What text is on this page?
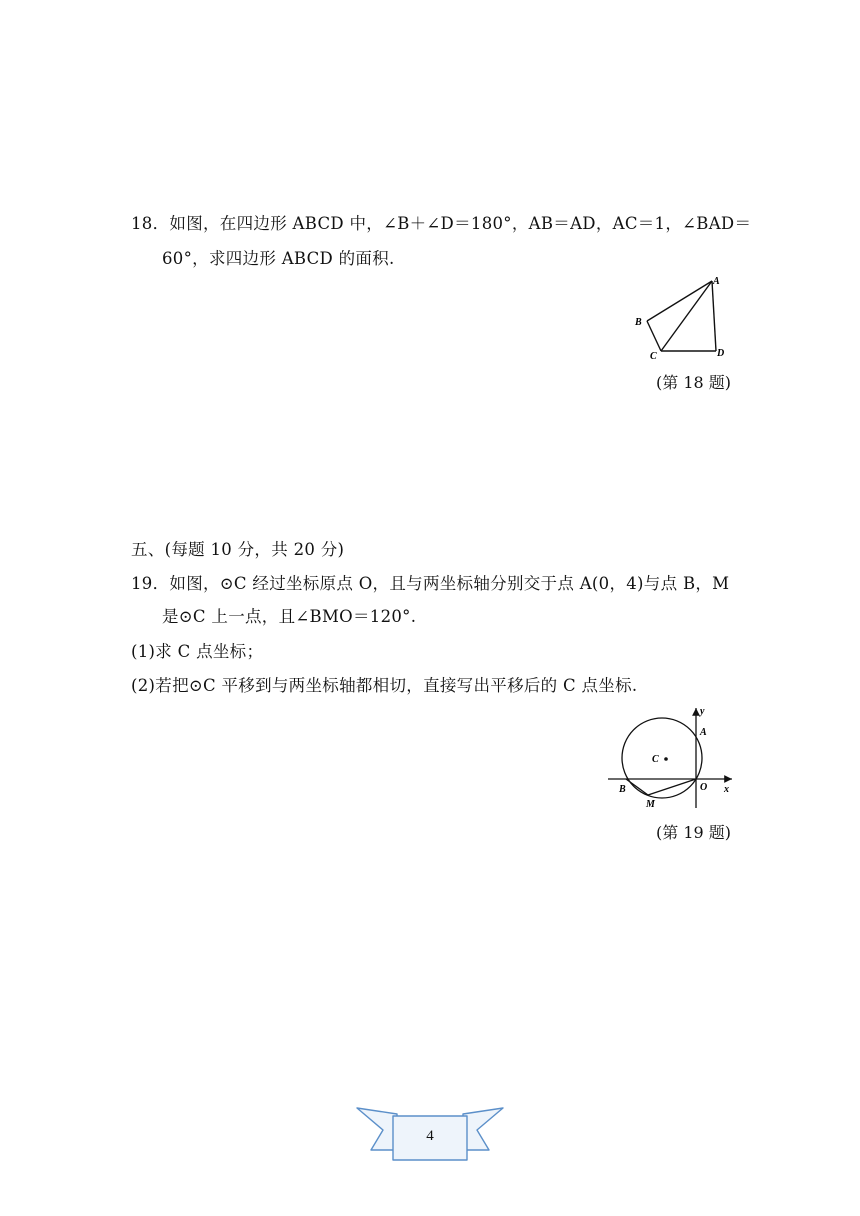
18．如图，在四边形 ABCD 中，∠B＋∠D＝180°，AB＝AD，AC＝1，∠BAD＝
60°，求四边形 ABCD 的面积.
A
B
C	D
(第 18 题)
五、(每题 10 分，共 20 分)
19．如图，⊙C 经过坐标原点 O，且与两坐标轴分别交于点 A(0，4)与点 B，M
是⊙C 上一点，且∠BMO＝120°.
(1)求 C 点坐标；
(2)若把⊙C 平移到与两坐标轴都相切，直接写出平移后的 C 点坐标.
y
A
C
O x
B
M
(第 19 题)
4
